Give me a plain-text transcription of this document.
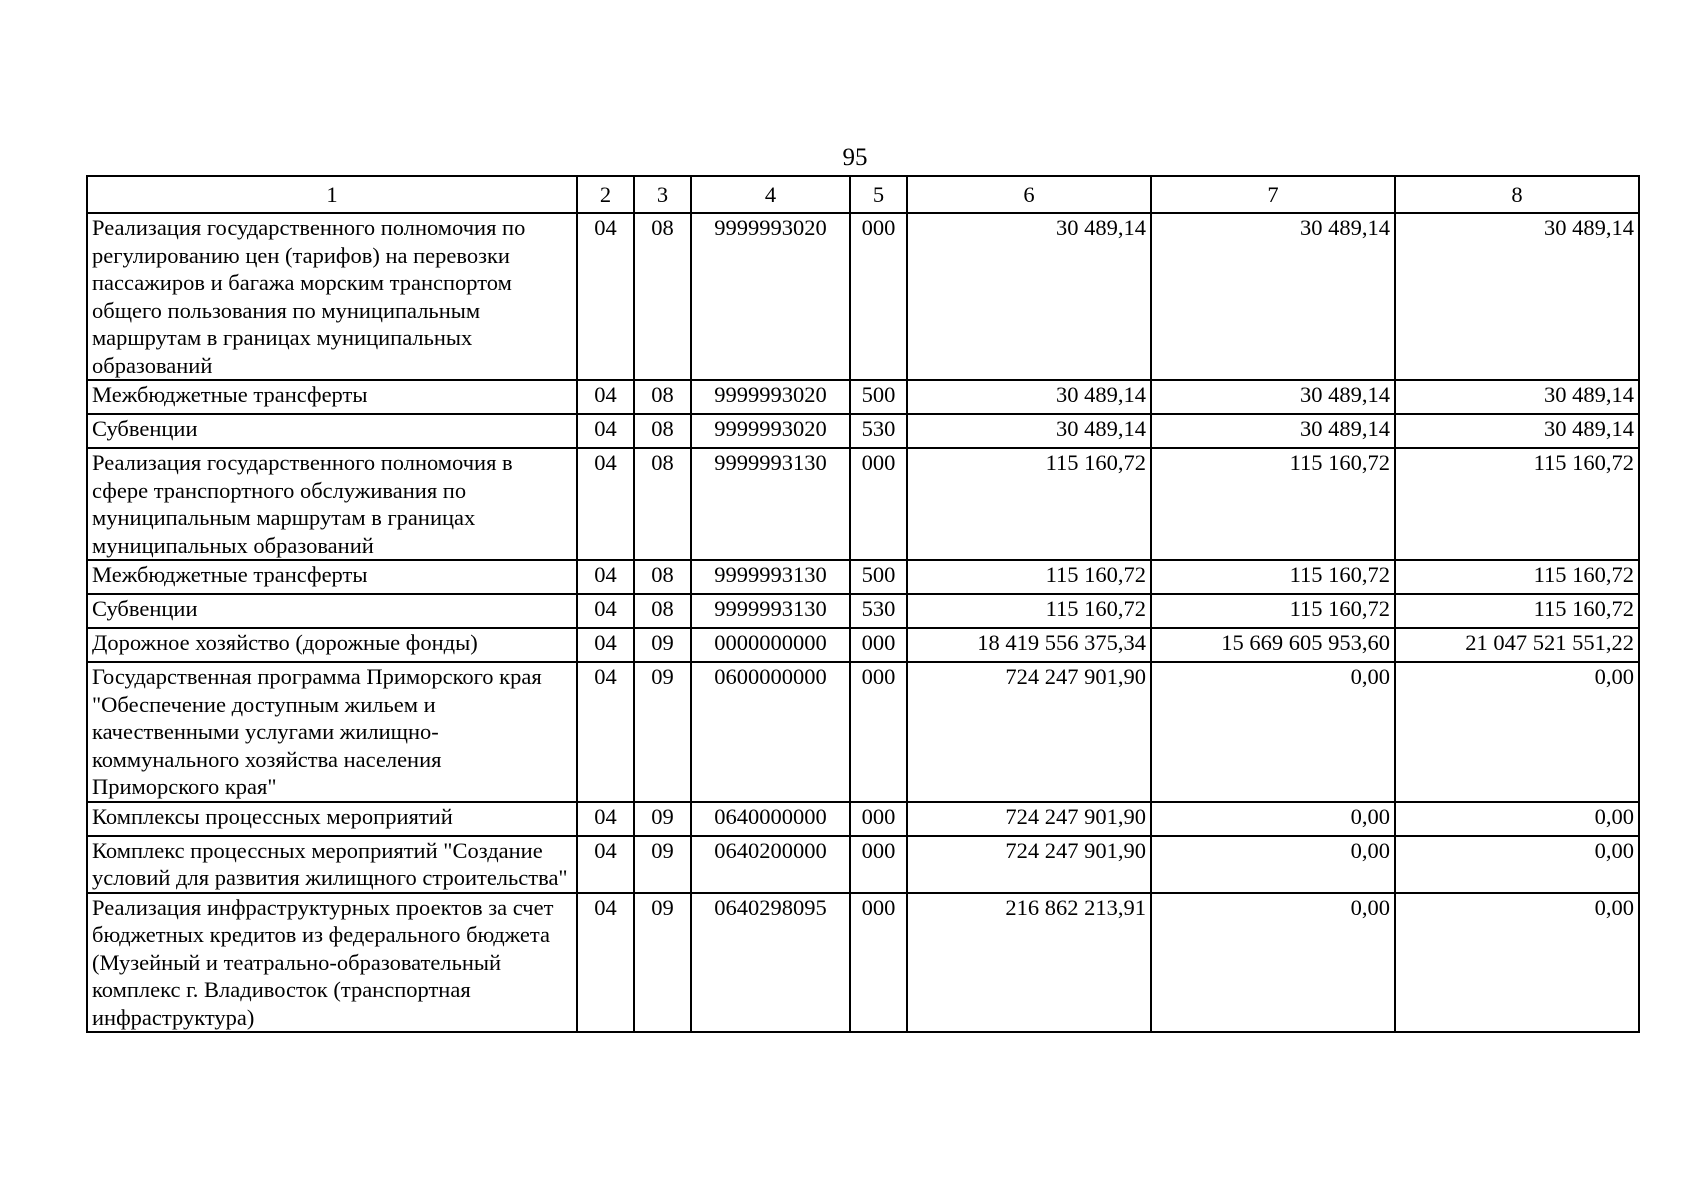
95
1	2	3	4	5	6	7	8
Реализация государственного полномочия по регулированию цен (тарифов) на перевозки пассажиров и багажа морским транспортом общего пользования по муниципальным маршрутам в границах муниципальных образований	04	08	9999993020	000	30 489,14	30 489,14	30 489,14
Межбюджетные трансферты	04	08	9999993020	500	30 489,14	30 489,14	30 489,14
Субвенции	04	08	9999993020	530	30 489,14	30 489,14	30 489,14
Реализация государственного полномочия в сфере транспортного обслуживания по муниципальным маршрутам в границах муниципальных образований	04	08	9999993130	000	115 160,72	115 160,72	115 160,72
Межбюджетные трансферты	04	08	9999993130	500	115 160,72	115 160,72	115 160,72
Субвенции	04	08	9999993130	530	115 160,72	115 160,72	115 160,72
Дорожное хозяйство (дорожные фонды)	04	09	0000000000	000	18 419 556 375,34	15 669 605 953,60	21 047 521 551,22
Государственная программа Приморского края "Обеспечение доступным жильем и качественными услугами жилищно-коммунального хозяйства населения Приморского края"	04	09	0600000000	000	724 247 901,90	0,00	0,00
Комплексы процессных мероприятий	04	09	0640000000	000	724 247 901,90	0,00	0,00
Комплекс процессных мероприятий "Создание условий для развития жилищного строительства"	04	09	0640200000	000	724 247 901,90	0,00	0,00
Реализация инфраструктурных проектов за счет бюджетных кредитов из федерального бюджета (Музейный и театрально-образовательный комплекс г. Владивосток (транспортная инфраструктура)	04	09	0640298095	000	216 862 213,91	0,00	0,00
